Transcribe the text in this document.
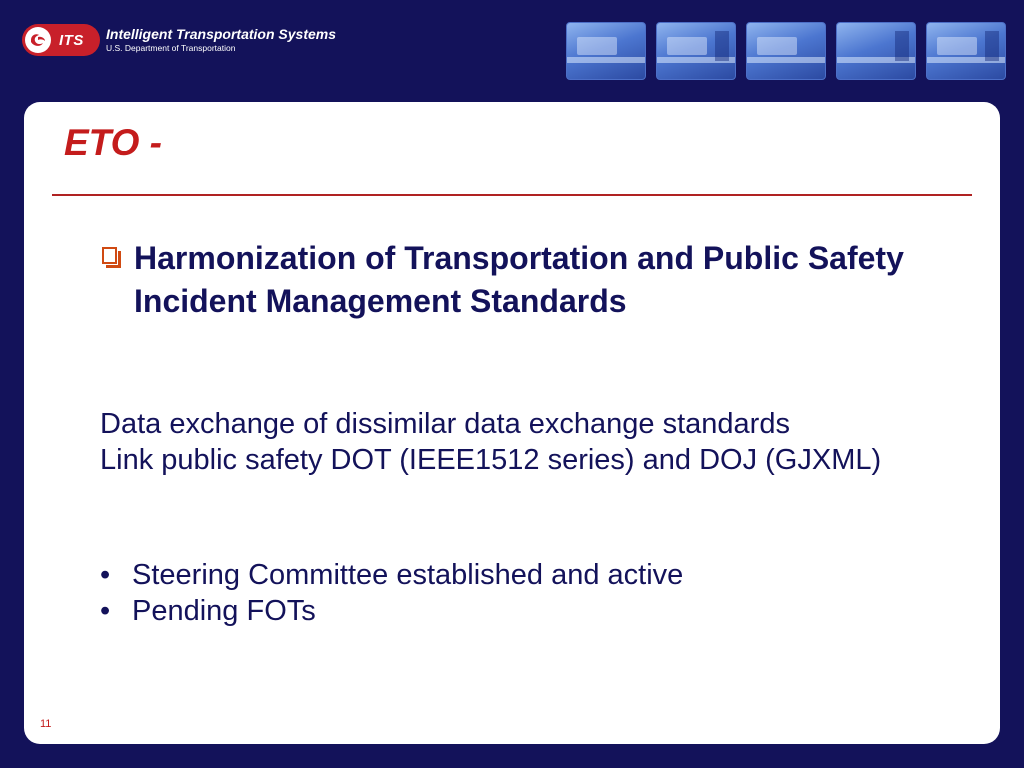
ITS Intelligent Transportation Systems
U.S. Department of Transportation
ETO -

Harmonization of Transportation and Public Safety Incident Management Standards

Data exchange of dissimilar data exchange standards

Link public safety DOT (IEEE1512 series) and DOJ (GJXML)

• Steering Committee established and active
• Pending FOTs
11
